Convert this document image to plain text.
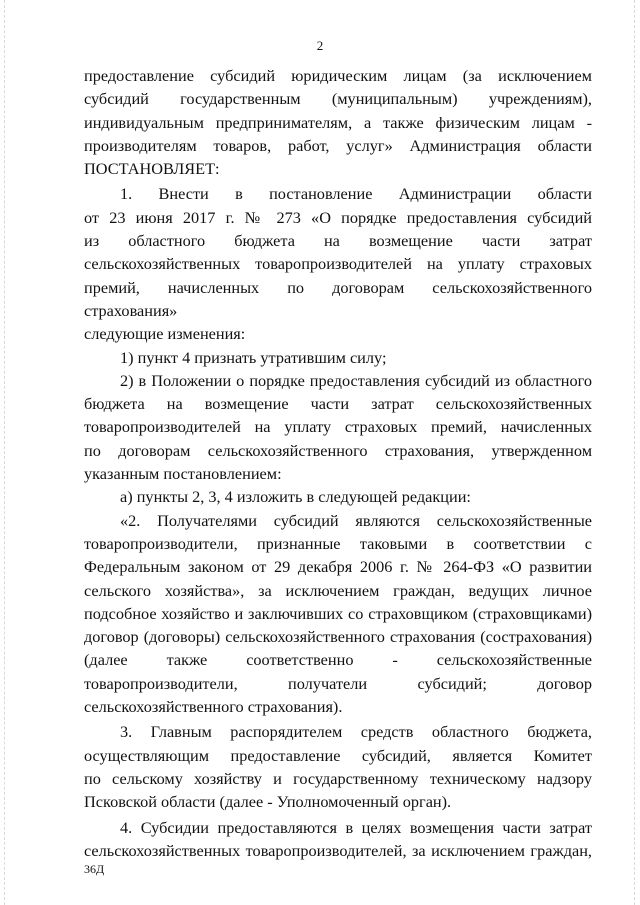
2
предоставление субсидий юридическим лицам (за исключением
субсидий государственным (муниципальным) учреждениям),
индивидуальным предпринимателям, а также физическим лицам -
производителям товаров, работ, услуг» Администрация области
ПОСТАНОВЛЯЕТ:
1. Внести в постановление Администрации области
от 23 июня 2017 г. № 273 «О порядке предоставления субсидий
из областного бюджета на возмещение части затрат
сельскохозяйственных товаропроизводителей на уплату страховых
премий, начисленных по договорам сельскохозяйственного страхования»
следующие изменения:
1) пункт 4 признать утратившим силу;
2) в Положении о порядке предоставления субсидий из областного
бюджета на возмещение части затрат сельскохозяйственных
товаропроизводителей на уплату страховых премий, начисленных
по договорам сельскохозяйственного страхования, утвержденном
указанным постановлением:
а) пункты 2, 3, 4 изложить в следующей редакции:
«2. Получателями субсидий являются сельскохозяйственные
товаропроизводители, признанные таковыми в соответствии с
Федеральным законом от 29 декабря 2006 г. № 264-ФЗ «О развитии
сельского хозяйства», за исключением граждан, ведущих личное
подсобное хозяйство и заключивших со страховщиком (страховщиками)
договор (договоры) сельскохозяйственного страхования (сострахования)
(далее также соответственно - сельскохозяйственные
товаропроизводители, получатели субсидий; договор
сельскохозяйственного страхования).
3. Главным распорядителем средств областного бюджета,
осуществляющим предоставление субсидий, является Комитет
по сельскому хозяйству и государственному техническому надзору
Псковской области (далее - Уполномоченный орган).
4. Субсидии предоставляются в целях возмещения части затрат
сельскохозяйственных товаропроизводителей, за исключением граждан,
36Д
